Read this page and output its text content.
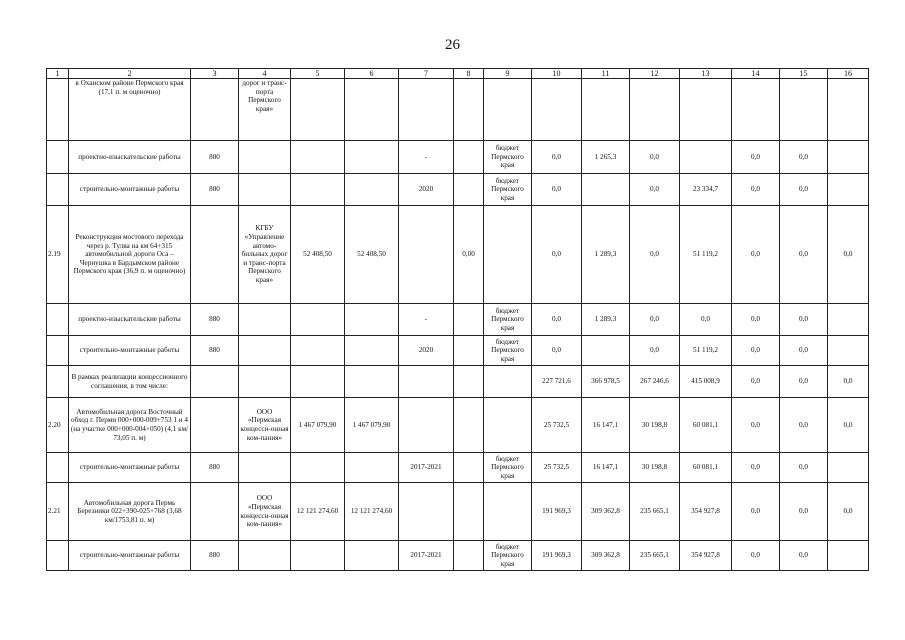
26
1	2	3	4	5	6	7	8	9	10	11	12	13	14	15	16
	в Оханском районе Пермского края (17,1 п. м оценочно)		дорог и транс-порта Пермского края»												
	проектно-изыскательские работы	880				-		бюджет Пермского края	0,0	1 265,3	0,0		0,0	0,0	
	строительно-монтажные работы	880				2020		бюджет Пермского края	0,0		0,0	23 334,7	0,0	0,0	
2.19	Реконструкция мостового перехода через р. Тулва на км 64+315 автомобильной дороги Оса – Чернушка в Бардымском районе Пермского края (36,9 п. м оценочно)		КГБУ «Управление автомо-бильных дорог и транс-порта Пермского края»	52 408,50	52 408,50		0,00		0,0	1 289,3	0,0	51 119,2	0,0	0,0	0,0
	проектно-изыскательские работы	880				-		бюджет Пермского края	0,0	1 289,3	0,0	0,0	0,0	0,0	
	строительно-монтажные работы	880				2020		бюджет Пермского края	0,0		0,0	51 119,2	0,0	0,0	
	В рамках реализации концессионного соглашения, в том числе:								227 721,6	366 978,5	267 246,6	415 008,9	0,0	0,0	0,0
2.20	Автомобильная дорога Восточный обход г. Перми 000+000-009+753 1 и 4 (на участке 000+000-004+050) (4,1 км/ 73,05 п. м)		ООО «Пермская концесси-онная ком-пания»	1 467 079,90	1 467 079,90				25 732,5	16 147,1	30 198,8	60 081,1	0,0	0,0	0,0
	строительно-монтажные работы	880				2017-2021		бюджет Пермского края	25 732,5	16 147,1	30 198,8	60 081,1	0,0	0,0	
2.21	Автомобильная дорога Пермь Березники 022+390-025+768 (3,68 км/1753,81 п. м)		ООО «Пермская концесси-онная ком-пания»	12 121 274,60	12 121 274,60				191 969,3	309 362,8	235 665,1	354 927,8	0,0	0,0	0,0
	строительно-монтажные работы	880				2017-2021		бюджет Пермского края	191 969,3	309 362,8	235 665,1	354 927,8	0,0	0,0	
